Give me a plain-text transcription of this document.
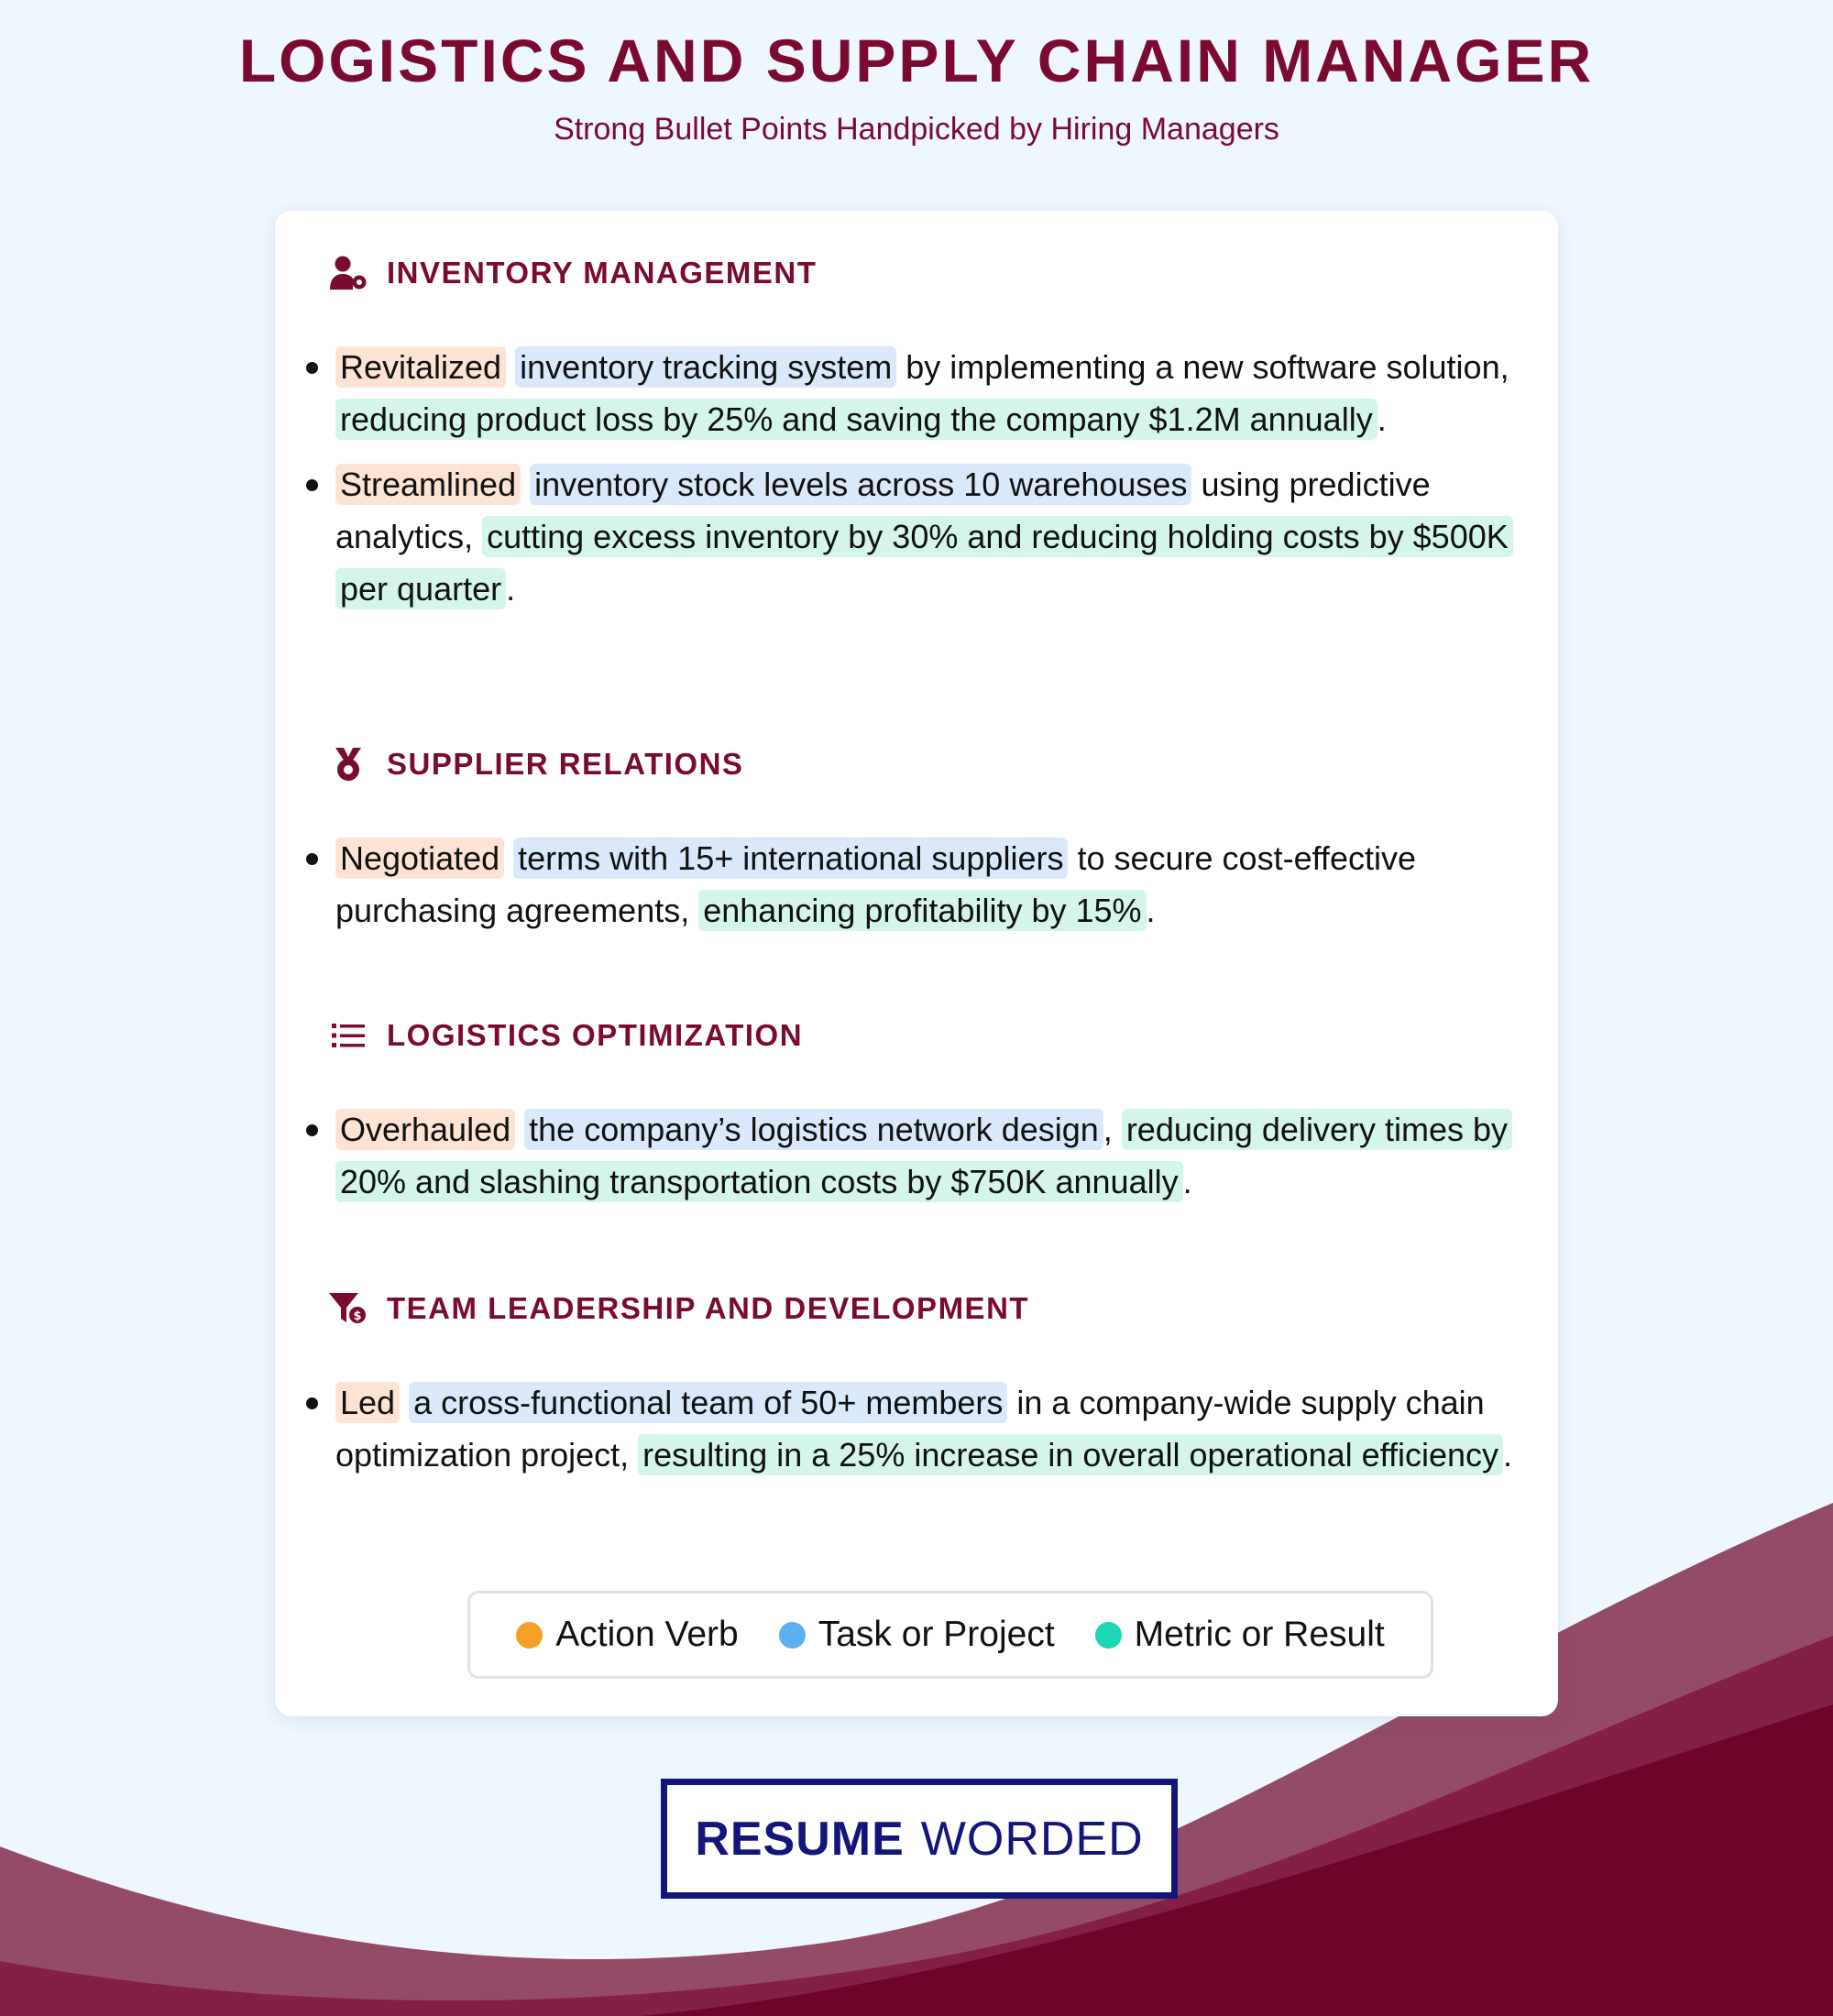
LOGISTICS AND SUPPLY CHAIN MANAGER

Strong Bullet Points Handpicked by Hiring Managers

INVENTORY MANAGEMENT
Revitalized inventory tracking system by implementing a new software solution, reducing product loss by 25% and saving the company $1.2M annually .
Streamlined inventory stock levels across 10 warehouses using predictive analytics, cutting excess inventory by 30% and reducing holding costs by $500K per quarter .
SUPPLIER RELATIONS
Negotiated terms with 15+ international suppliers to secure cost-effective purchasing agreements, enhancing profitability by 15% .
LOGISTICS OPTIMIZATION
Overhauled the company’s logistics network design , reducing delivery times by 20% and slashing transportation costs by $750K annually .
$ TEAM LEADERSHIP AND DEVELOPMENT
Led a cross-functional team of 50+ members in a company-wide supply chain optimization project, resulting in a 25% increase in overall operational efficiency .
Action Verb Task or Project Metric or Result
RESUME WORDED
